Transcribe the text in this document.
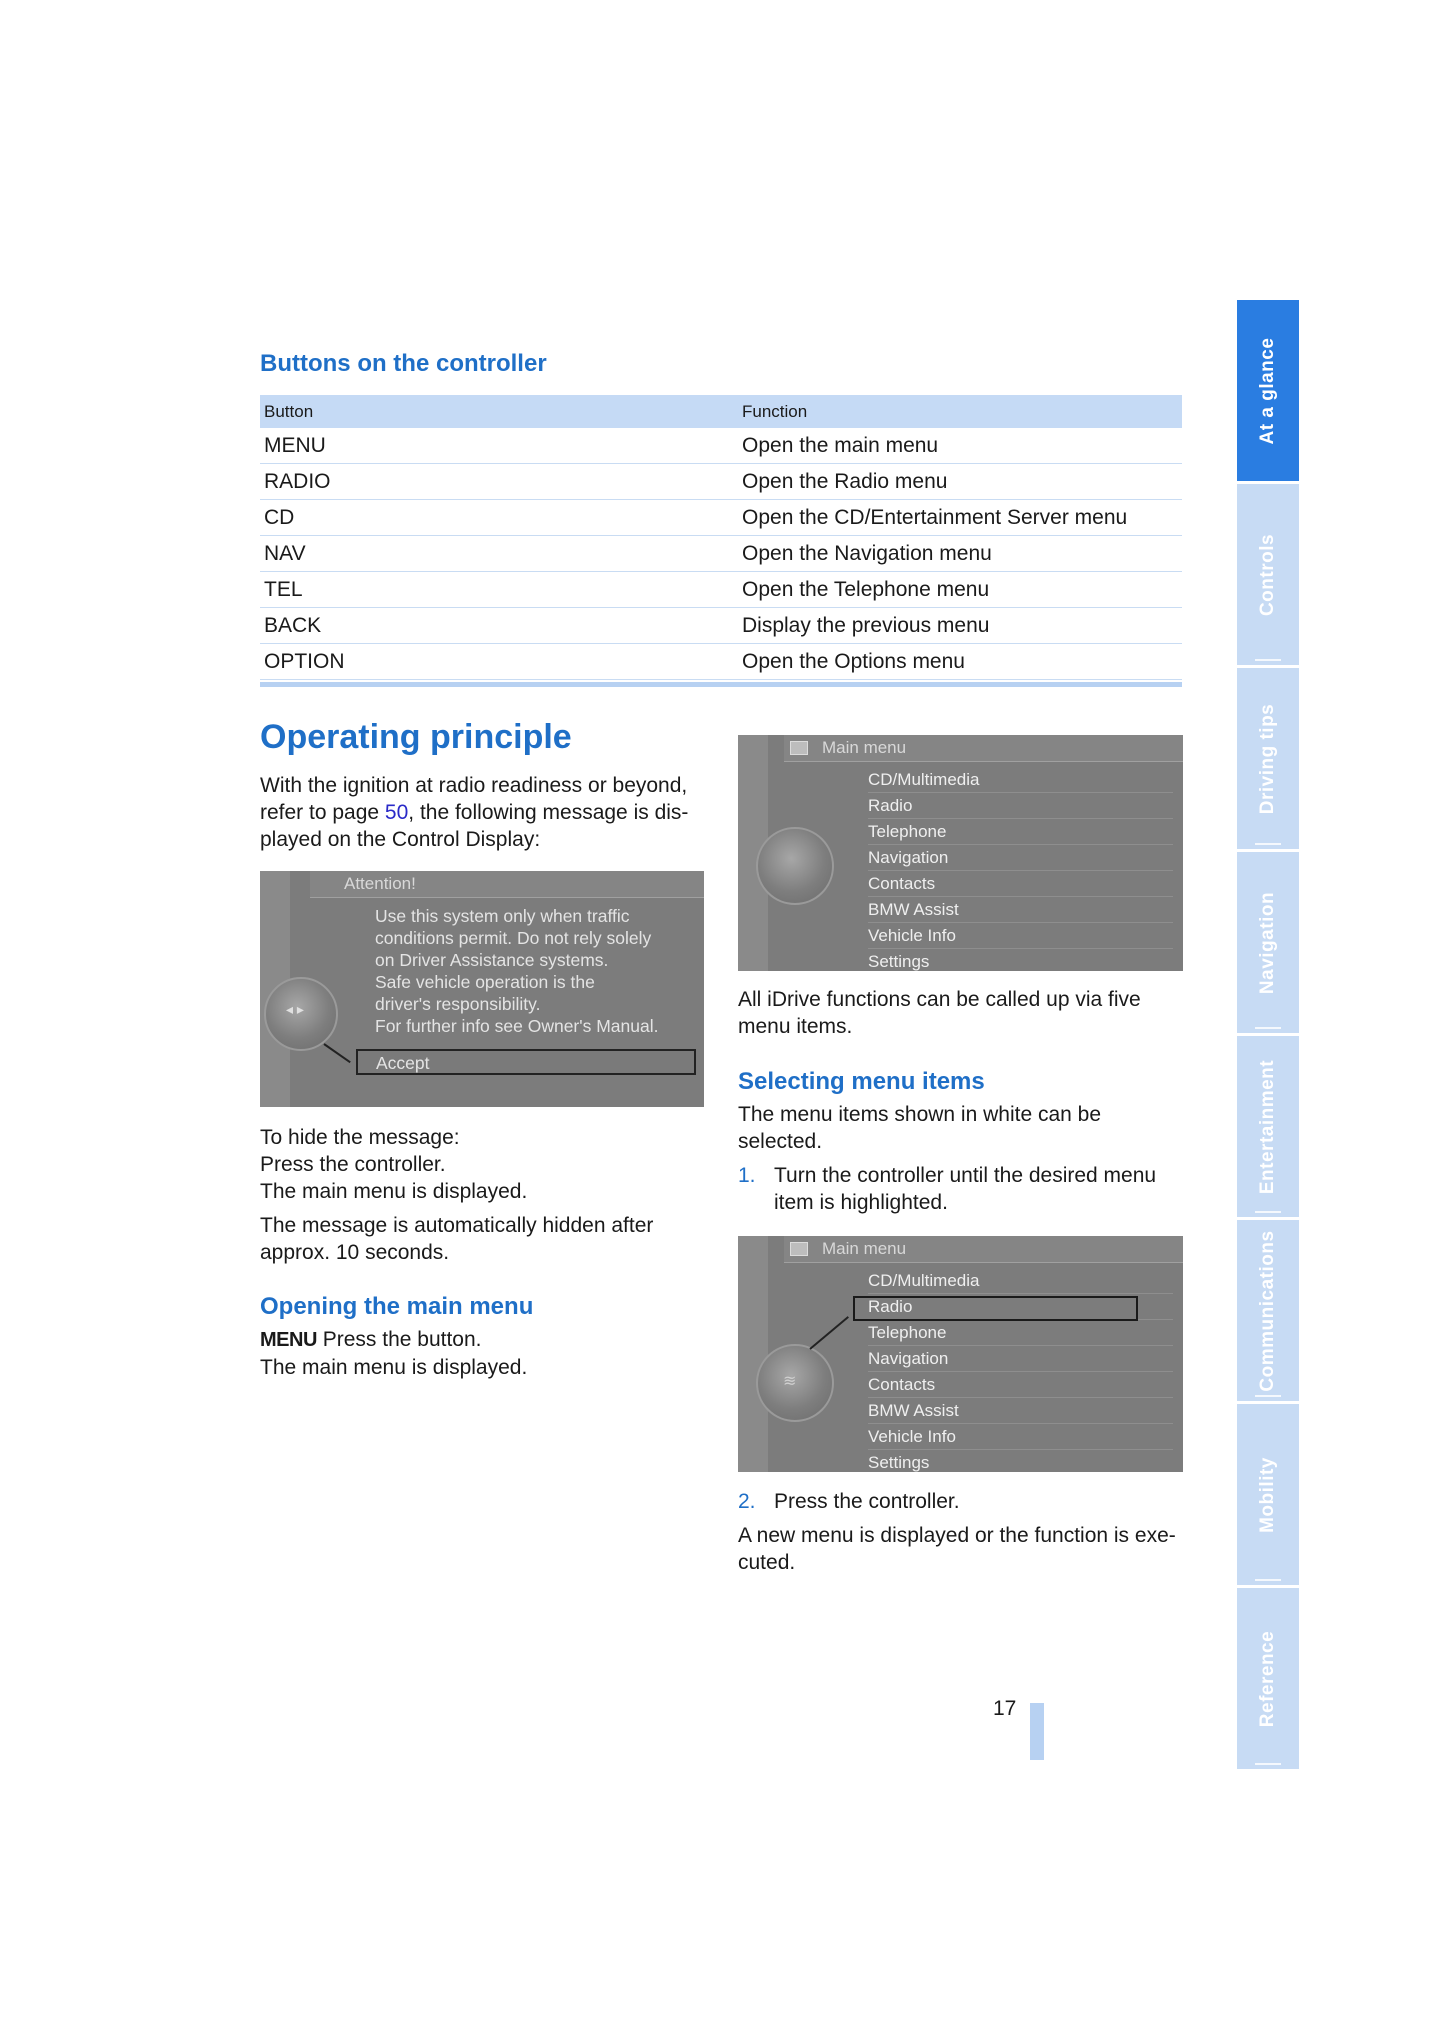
Buttons on the controller
Button	Function
MENU	Open the main menu
RADIO	Open the Radio menu
CD	Open the CD/Entertainment Server menu
NAV	Open the Navigation menu
TEL	Open the Telephone menu
BACK	Display the previous menu
OPTION	Open the Options menu
Operating principle
With the ignition at radio readiness or beyond, refer to page 50, the following message is dis-played on the Control Display:
Attention!
◂ ▸
Use this system only when traffic
conditions permit. Do not rely solely
on Driver Assistance systems.
Safe vehicle operation is the
driver's responsibility.
For further info see Owner's Manual.
Accept
To hide the message:
Press the controller.
The main menu is displayed.
The message is automatically hidden after approx. 10 seconds.
Opening the main menu
MENU Press the button.
The main menu is displayed.
Main menu
CD/Multimedia
Radio
Telephone
Navigation
Contacts
BMW Assist
Vehicle Info
Settings
All iDrive functions can be called up via five menu items.
Selecting menu items
The menu items shown in white can be selected.
1. Turn the controller until the desired menu item is highlighted.
Main menu
≋
CD/Multimedia
Radio
Telephone
Navigation
Contacts
BMW Assist
Vehicle Info
Settings
2. Press the controller.
A new menu is displayed or the function is exe-cuted.
17
At a glance
Controls
Driving tips
Navigation
Entertainment
Communications
Mobility
Reference
